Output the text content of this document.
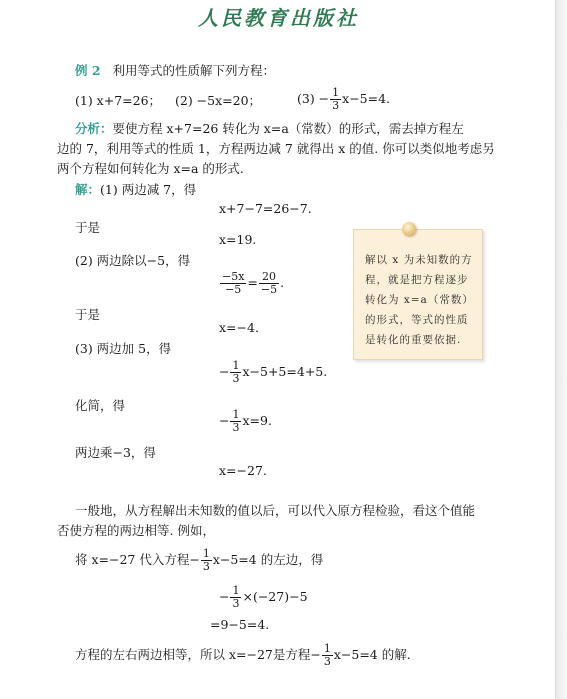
人民教育出版社
例 2 利用等式的性质解下列方程：
(1) x+7=26； (2) −5x=20；	$(3) - \frac{1}{3} x-5=4$.
分析：要使方程 x+7=26 转化为 x=a（常数）的形式，需去掉方程左
边的 7，利用等式的性质 1，方程两边减 7 就得出 x 的值. 你可以类似地考虑另
两个方程如何转化为 x=a 的形式.
解：(1) 两边减 7，得
x+7−7=26−7.
于是
x=19.
(2) 两边除以−5，得
$\frac{-5x}{-5} = \frac{20}{-5}$ .
于是
x=−4.
(3) 两边加 5，得
− $\frac{1}{3} x-5+5=4+5$.
化简，得
− $\frac{1}{3} x=9$.
两边乘−3，得
x=−27.
一般地，从方程解出未知数的值以后，可以代入原方程检验，看这个值能
否使方程的两边相等. 例如，
将 x=−27 代入方程− $\frac{1}{3} x-5=4$ 的左边，得
− $\frac{1}{3} \times(-27)-5$
=9−5=4.
方程的左右两边相等，所以 x=−27是方程− $\frac{1}{3} x-5=4$ 的解.
解以 x 为未知数的方程，就是把方程逐步转化为 x=a（常数）的形式，等式的性质是转化的重要依据.
